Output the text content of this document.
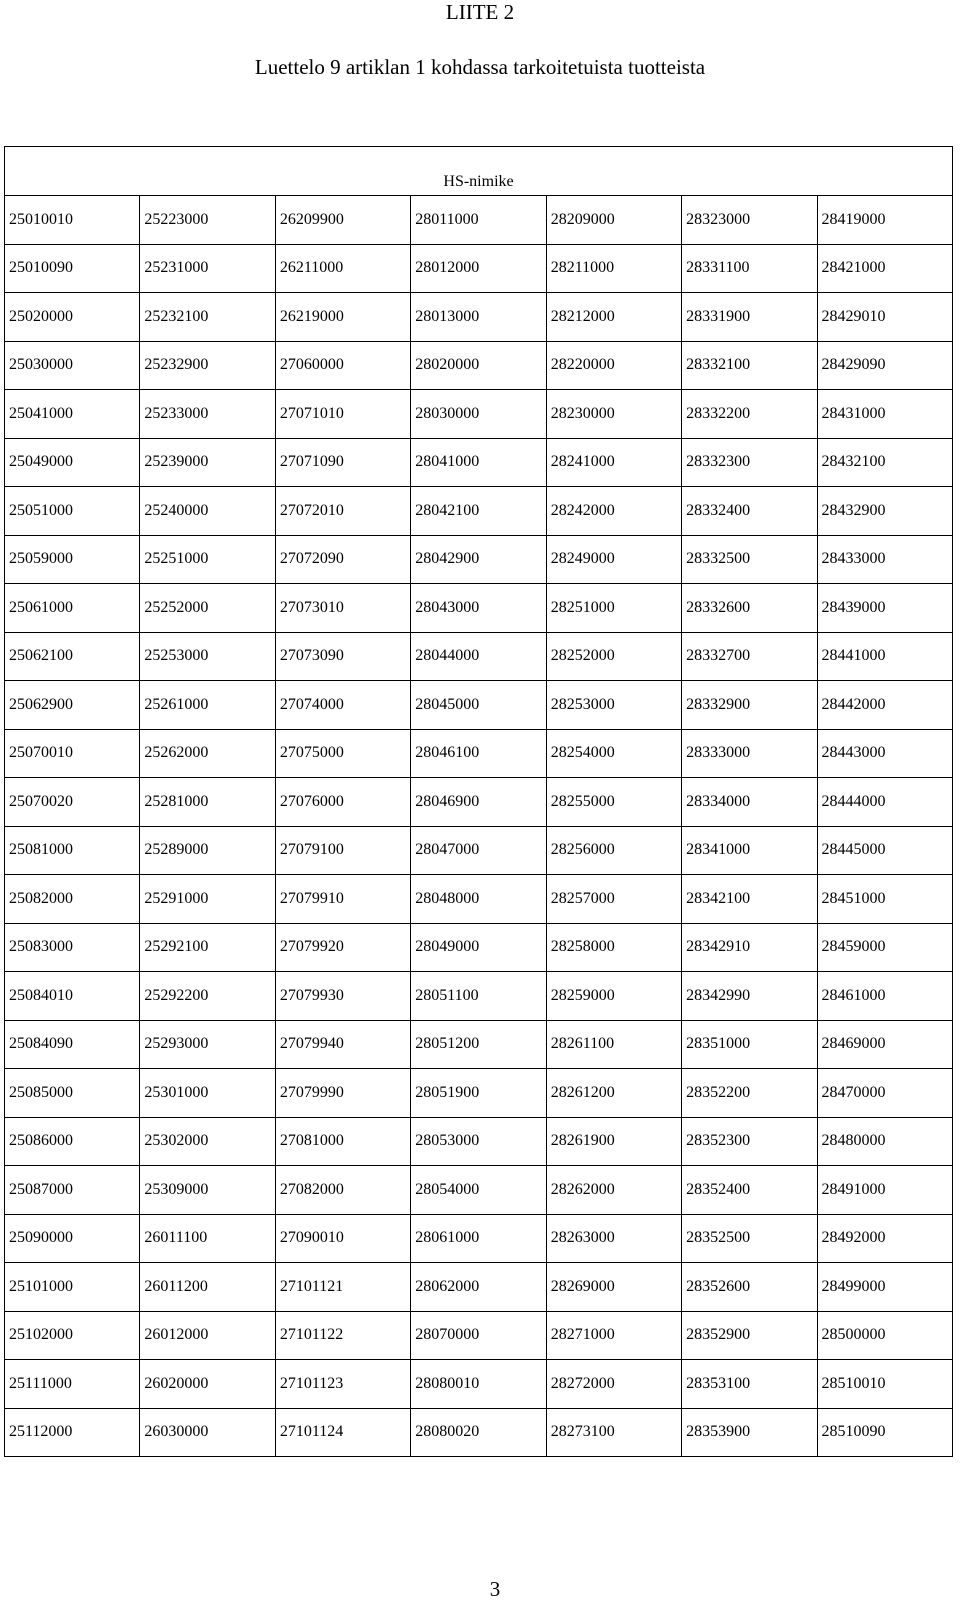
LIITE 2
Luettelo 9 artiklan 1 kohdassa tarkoitetuista tuotteista
HS-nimike						
25010010	25223000	26209900	28011000	28209000	28323000	28419000
25010090	25231000	26211000	28012000	28211000	28331100	28421000
25020000	25232100	26219000	28013000	28212000	28331900	28429010
25030000	25232900	27060000	28020000	28220000	28332100	28429090
25041000	25233000	27071010	28030000	28230000	28332200	28431000
25049000	25239000	27071090	28041000	28241000	28332300	28432100
25051000	25240000	27072010	28042100	28242000	28332400	28432900
25059000	25251000	27072090	28042900	28249000	28332500	28433000
25061000	25252000	27073010	28043000	28251000	28332600	28439000
25062100	25253000	27073090	28044000	28252000	28332700	28441000
25062900	25261000	27074000	28045000	28253000	28332900	28442000
25070010	25262000	27075000	28046100	28254000	28333000	28443000
25070020	25281000	27076000	28046900	28255000	28334000	28444000
25081000	25289000	27079100	28047000	28256000	28341000	28445000
25082000	25291000	27079910	28048000	28257000	28342100	28451000
25083000	25292100	27079920	28049000	28258000	28342910	28459000
25084010	25292200	27079930	28051100	28259000	28342990	28461000
25084090	25293000	27079940	28051200	28261100	28351000	28469000
25085000	25301000	27079990	28051900	28261200	28352200	28470000
25086000	25302000	27081000	28053000	28261900	28352300	28480000
25087000	25309000	27082000	28054000	28262000	28352400	28491000
25090000	26011100	27090010	28061000	28263000	28352500	28492000
25101000	26011200	27101121	28062000	28269000	28352600	28499000
25102000	26012000	27101122	28070000	28271000	28352900	28500000
25111000	26020000	27101123	28080010	28272000	28353100	28510010
25112000	26030000	27101124	28080020	28273100	28353900	28510090
3
